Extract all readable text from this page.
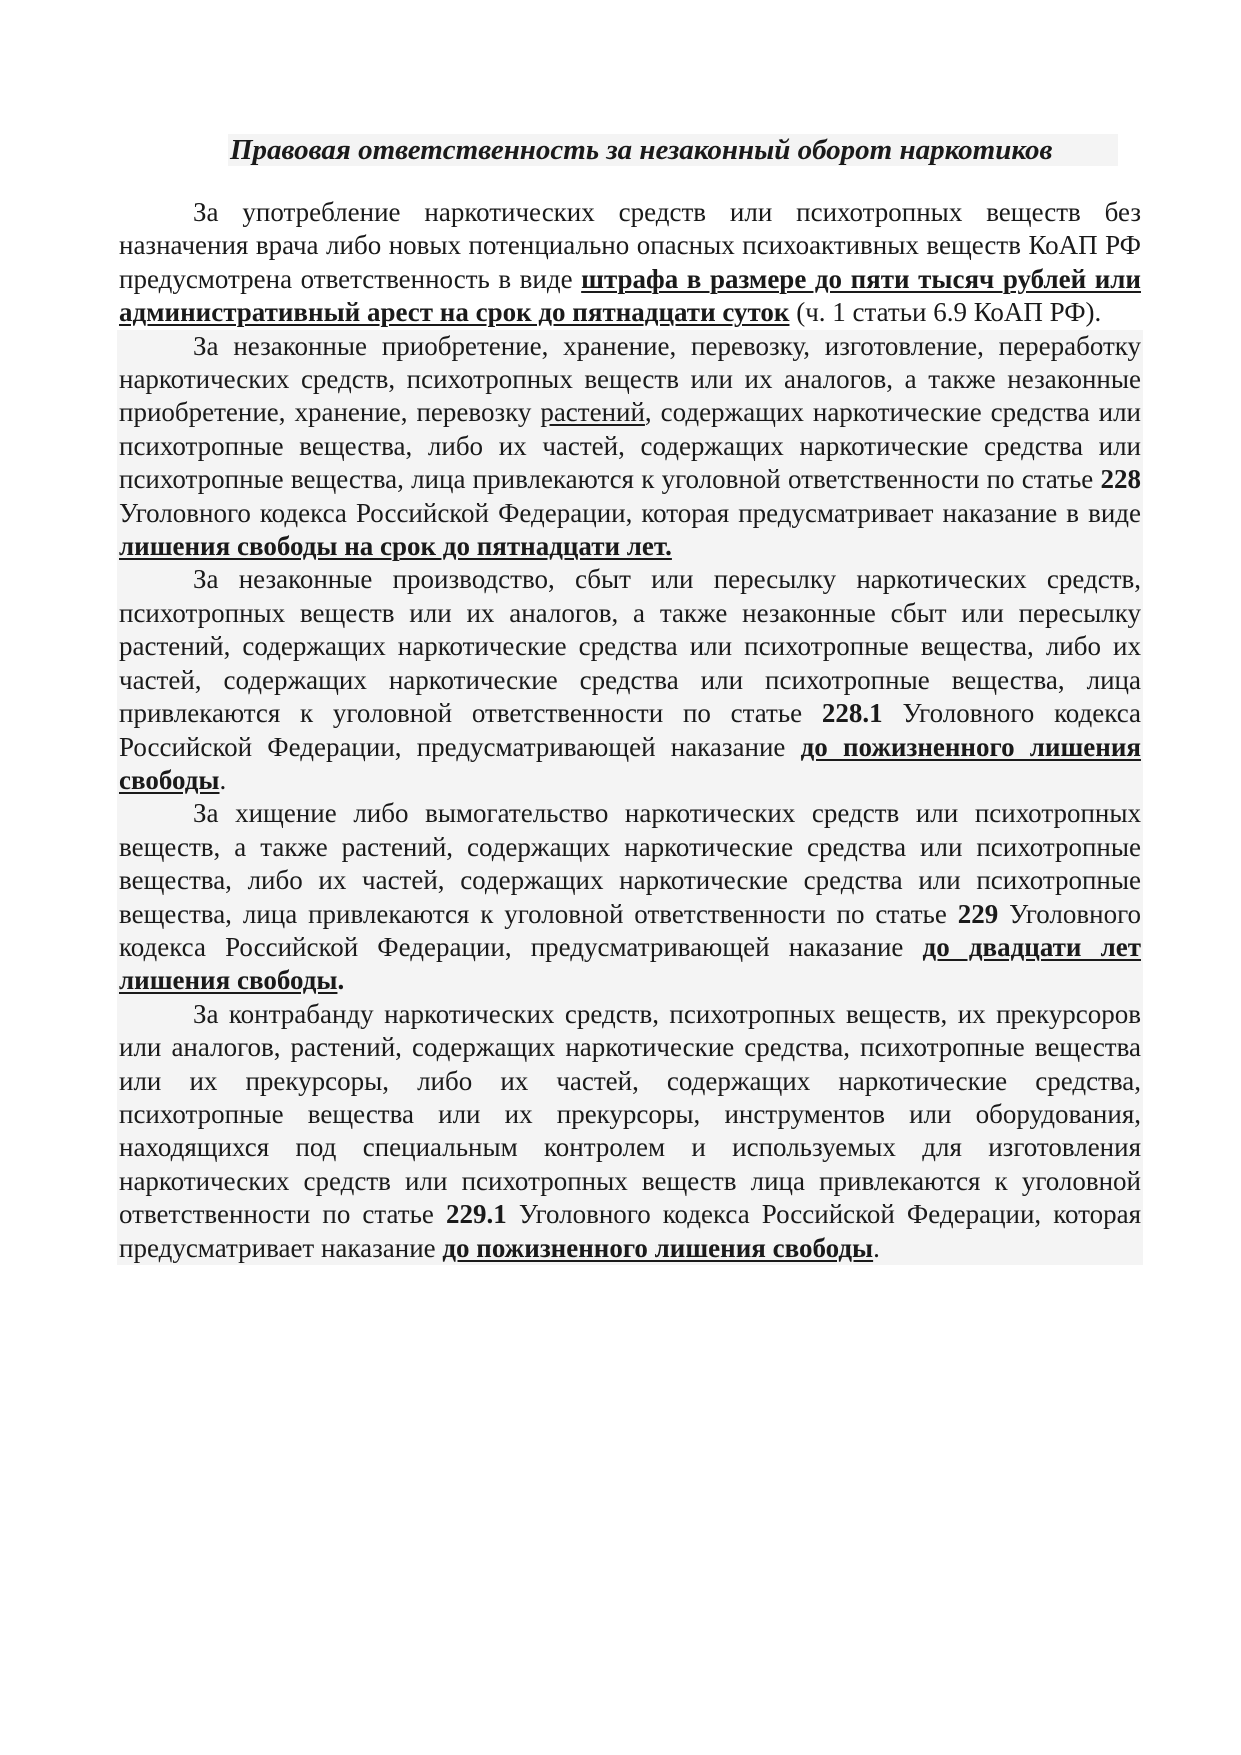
Правовая ответственность за незаконный оборот наркотиков

За употребление наркотических средств или психотропных веществ без назначения врача либо новых потенциально опасных психоактивных веществ КоАП РФ предусмотрена ответственность в виде штрафа в размере до пяти тысяч рублей или административный арест на срок до пятнадцати суток (ч. 1 статьи 6.9 КоАП РФ).

За незаконные приобретение, хранение, перевозку, изготовление, переработку наркотических средств, психотропных веществ или их аналогов, а также незаконные приобретение, хранение, перевозку растений, содержащих наркотические средства или психотропные вещества, либо их частей, содержащих наркотические средства или психотропные вещества, лица привлекаются к уголовной ответственности по статье 228 Уголовного кодекса Российской Федерации, которая предусматривает наказание в виде лишения свободы на срок до пятнадцати лет.

За незаконные производство, сбыт или пересылку наркотических средств, психотропных веществ или их аналогов, а также незаконные сбыт или пересылку растений, содержащих наркотические средства или психотропные вещества, либо их частей, содержащих наркотические средства или психотропные вещества, лица привлекаются к уголовной ответственности по статье 228.1 Уголовного кодекса Российской Федерации, предусматривающей наказание до пожизненного лишения свободы.

За хищение либо вымогательство наркотических средств или психотропных веществ, а также растений, содержащих наркотические средства или психотропные вещества, либо их частей, содержащих наркотические средства или психотропные вещества, лица привлекаются к уголовной ответственности по статье 229 Уголовного кодекса Российской Федерации, предусматривающей наказание до двадцати лет лишения свободы.

За контрабанду наркотических средств, психотропных веществ, их прекурсоров или аналогов, растений, содержащих наркотические средства, психотропные вещества или их прекурсоры, либо их частей, содержащих наркотические средства, психотропные вещества или их прекурсоры, инструментов или оборудования, находящихся под специальным контролем и используемых для изготовления наркотических средств или психотропных веществ лица привлекаются к уголовной ответственности по статье 229.1 Уголовного кодекса Российской Федерации, которая предусматривает наказание до пожизненного лишения свободы.
